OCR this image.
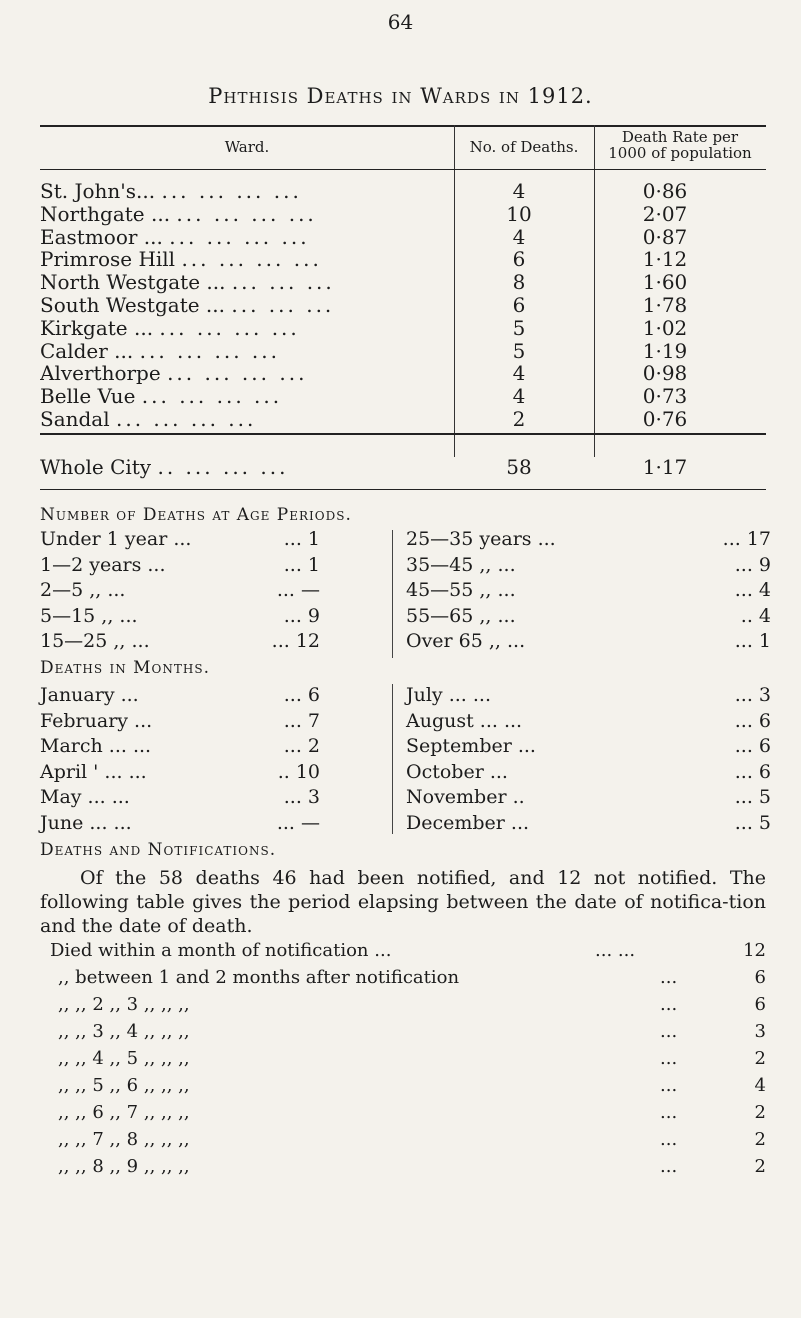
64
Phthisis Deaths in Wards in 1912.
Ward.	No. of Deaths.
Death Rate per
1000 of population
St. John's... ... ... ... ...	4	0·86
Northgate ... ... ... ... ...	10	2·07
Eastmoor ... ... ... ... ...	4	0·87
Primrose Hill ... ... ... ...	6	1·12
North Westgate ... ... ... ...	8	1·60
South Westgate ... ... ... ...	6	1·78
Kirkgate ... ... ... ... ...	5	1·02
Calder ... ... ... ... ...	5	1·19
Alverthorpe ... ... ... ...	4	0·98
Belle Vue ... ... ... ...	4	0·73
Sandal ... ... ... ...	2	0·76
Whole City .. ... ... ...	58	1·17
Number of Deaths at Age Periods.
Under 1 year ...	... 1
1—2 years ...	... 1
2—5 ,, ...	... —
5—15 ,, ...	... 9
15—25 ,, ...	... 12
25—35 years ...	... 17
35—45 ,, ...	... 9
45—55 ,, ...	... 4
55—65 ,, ...	.. 4
Over 65 ,, ...	... 1
Deaths in Months.
January ...	... 6
February ...	... 7
March ... ...	... 2
April ' ... ...	.. 10
May ... ...	... 3
June ... ...	... —
July ... ...	... 3
August ... ...	... 6
September ...	... 6
October ...	... 6
November ..	... 5
December ...	... 5
Deaths and Notifications.
Of the 58 deaths 46 had been notified, and 12 not notified. The following table gives the period elapsing between the date of notifica-tion and the date of death.
Died within a month of notification ...	... ...	12
,, between 1 and 2 months after notification	...	6
,, ,, 2 ,, 3 ,, ,, ,,	...	6
,, ,, 3 ,, 4 ,, ,, ,,	...	3
,, ,, 4 ,, 5 ,, ,, ,,	...	2
,, ,, 5 ,, 6 ,, ,, ,,	...	4
,, ,, 6 ,, 7 ,, ,, ,,	...	2
,, ,, 7 ,, 8 ,, ,, ,,	...	2
,, ,, 8 ,, 9 ,, ,, ,,	...	2
